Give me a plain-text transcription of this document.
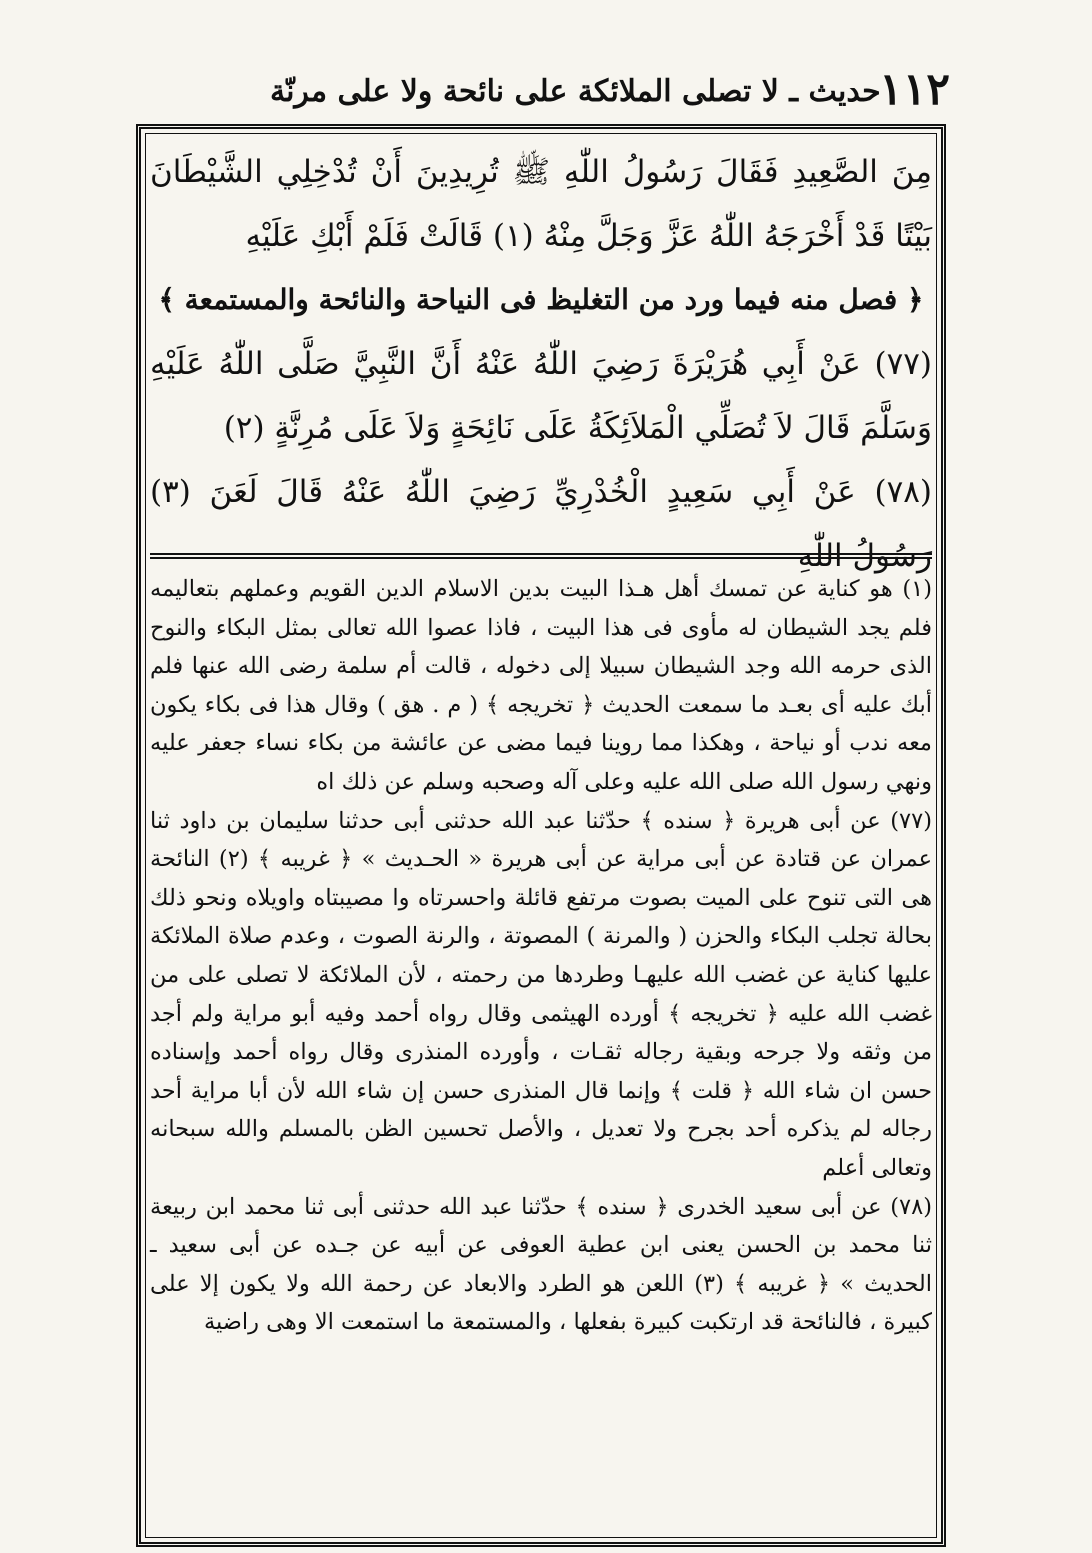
١١٢
حديث ـ لا تصلى الملائكة على نائحة ولا على مرنّة

مِنَ الصَّعِيدِ فَقَالَ رَسُولُ اللّٰهِ ﷺ تُرِيدِينَ أَنْ تُدْخِلِي الشَّيْطَانَ بَيْتًا قَدْ أَخْرَجَهُ اللّٰهُ عَزَّ وَجَلَّ مِنْهُ (١) قَالَتْ فَلَمْ أَبْكِ عَلَيْهِ

﴿ فصل منه فيما ورد من التغليظ فى النياحة والنائحة والمستمعة ﴾

(٧٧) عَنْ أَبِي هُرَيْرَةَ رَضِيَ اللّٰهُ عَنْهُ أَنَّ النَّبِيَّ صَلَّى اللّٰهُ عَلَيْهِ وَسَلَّمَ قَالَ لاَ تُصَلِّي الْمَلاَئِكَةُ عَلَى نَائِحَةٍ وَلاَ عَلَى مُرِنَّةٍ (٢)

(٧٨) عَنْ أَبِي سَعِيدٍ الْخُدْرِيِّ رَضِيَ اللّٰهُ عَنْهُ قَالَ لَعَنَ (٣) رَسُولُ اللّٰهِ

(١) هو كناية عن تمسك أهل هـذا البيت بدين الاسلام الدين القويم وعملهم بتعاليمه فلم يجد الشيطان له مأوى فى هذا البيت ، فاذا عصوا الله تعالى بمثل البكاء والنوح الذى حرمه الله وجد الشيطان سبيلا إلى دخوله ، قالت أم سلمة رضى الله عنها فلم أبك عليه أى بعـد ما سمعت الحديث ﴿ تخريجه ﴾ ( م . هق ) وقال هذا فى بكاء يكون معه ندب أو نياحة ، وهكذا مما روينا فيما مضى عن عائشة من بكاء نساء جعفر عليه ونهي رسول الله صلى الله عليه وعلى آله وصحبه وسلم عن ذلك اه

(٧٧) عن أبى هريرة ﴿ سنده ﴾ حدّثنا عبد الله حدثنى أبى حدثنا سليمان بن داود ثنا عمران عن قتادة عن أبى مراية عن أبى هريرة « الحـديث » ﴿ غريبه ﴾ (٢) النائحة هى التى تنوح على الميت بصوت مرتفع قائلة واحسرتاه وا مصيبتاه واويلاه ونحو ذلك بحالة تجلب البكاء والحزن ( والمرنة ) المصوتة ، والرنة الصوت ، وعدم صلاة الملائكة عليها كناية عن غضب الله عليهـا وطردها من رحمته ، لأن الملائكة لا تصلى على من غضب الله عليه ﴿ تخريجه ﴾ أورده الهيثمى وقال رواه أحمد وفيه أبو مراية ولم أجد من وثقه ولا جرحه وبقية رجاله ثقـات ، وأورده المنذرى وقال رواه أحمد وإسناده حسن ان شاء الله ﴿ قلت ﴾ وإنما قال المنذرى حسن إن شاء الله لأن أبا مراية أحد رجاله لم يذكره أحد بجرح ولا تعديل ، والأصل تحسين الظن بالمسلم والله سبحانه وتعالى أعلم

(٧٨) عن أبى سعيد الخدرى ﴿ سنده ﴾ حدّثنا عبد الله حدثنى أبى ثنا محمد ابن ربيعة ثنا محمد بن الحسن يعنى ابن عطية العوفى عن أبيه عن جـده عن أبى سعيد ـ الحديث » ﴿ غريبه ﴾ (٣) اللعن هو الطرد والابعاد عن رحمة الله ولا يكون إلا على كبيرة ، فالنائحة قد ارتكبت كبيرة بفعلها ، والمستمعة ما استمعت الا وهى راضية
